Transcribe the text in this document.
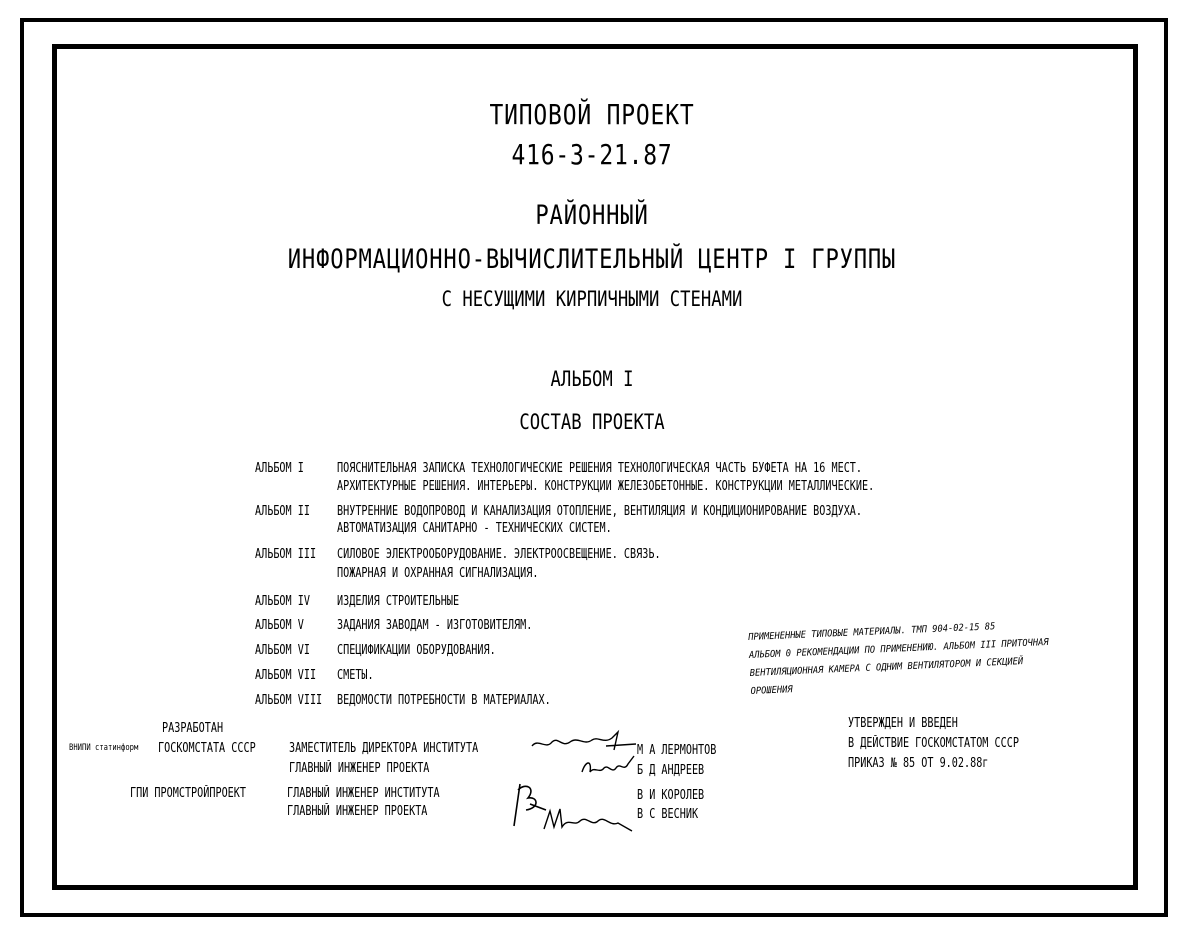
ТИПОВОЙ ПРОЕКТ
416-3-21.87
РАЙОННЫЙ
ИНФОРМАЦИОННО-ВЫЧИСЛИТЕЛЬНЫЙ ЦЕНТР I ГРУППЫ
С НЕСУЩИМИ КИРПИЧНЫМИ СТЕНАМИ
АЛЬБОМ I
СОСТАВ ПРОЕКТА
АЛЬБОМ I	ПОЯСНИТЕЛЬНАЯ ЗАПИСКА ТЕХНОЛОГИЧЕСКИЕ РЕШЕНИЯ ТЕХНОЛОГИЧЕСКАЯ ЧАСТЬ БУФЕТА НА 16 МЕСТ.
АРХИТЕКТУРНЫЕ РЕШЕНИЯ. ИНТЕРЬЕРЫ. КОНСТРУКЦИИ ЖЕЛЕЗОБЕТОННЫЕ. КОНСТРУКЦИИ МЕТАЛЛИЧЕСКИЕ.
АЛЬБОМ II ВНУТРЕННИЕ ВОДОПРОВОД И КАНАЛИЗАЦИЯ ОТОПЛЕНИЕ, ВЕНТИЛЯЦИЯ И КОНДИЦИОНИРОВАНИЕ ВОЗДУХА.
АВТОМАТИЗАЦИЯ САНИТАРНО - ТЕХНИЧЕСКИХ СИСТЕМ.
АЛЬБОМ III СИЛОВОЕ ЭЛЕКТРООБОРУДОВАНИЕ. ЭЛЕКТРООСВЕЩЕНИЕ. СВЯЗЬ.
ПОЖАРНАЯ И ОХРАННАЯ СИГНАЛИЗАЦИЯ.
АЛЬБОМ IV ИЗДЕЛИЯ СТРОИТЕЛЬНЫЕ
АЛЬБОМ V	ЗАДАНИЯ ЗАВОДАМ - ИЗГОТОВИТЕЛЯМ.
АЛЬБОМ VI СПЕЦИФИКАЦИИ ОБОРУДОВАНИЯ.
АЛЬБОМ VII СМЕТЫ.
АЛЬБОМ VIII ВЕДОМОСТИ ПОТРЕБНОСТИ В МАТЕРИАЛАХ.
ПРИМЕНЕННЫЕ ТИПОВЫЕ МАТЕРИАЛЫ. ТМП 904-02-15 85
АЛЬБОМ 0 РЕКОМЕНДАЦИИ ПО ПРИМЕНЕНИЮ. АЛЬБОМ III ПРИТОЧНАЯ
ВЕНТИЛЯЦИОННАЯ КАМЕРА С ОДНИМ ВЕНТИЛЯТОРОМ И СЕКЦИЕЙ
ОРОШЕНИЯ
РАЗРАБОТАН
ВНИПИ статинформ ГОСКОМСТАТА СССР	ЗАМЕСТИТЕЛЬ ДИРЕКТОРА ИНСТИТУТА
ГЛАВНЫЙ ИНЖЕНЕР ПРОЕКТА
М А ЛЕРМОНТОВ
Б Д АНДРЕЕВ
ГПИ ПРОМСТРОЙПРОЕКТ	ГЛАВНЫЙ ИНЖЕНЕР ИНСТИТУТА
ГЛАВНЫЙ ИНЖЕНЕР ПРОЕКТА
В И КОРОЛЕВ
В С ВЕСНИК
УТВЕРЖДЕН И ВВЕДЕН
В ДЕЙСТВИЕ ГОСКОМСТАТОМ СССР
ПРИКАЗ № 85 ОТ 9.02.88г
